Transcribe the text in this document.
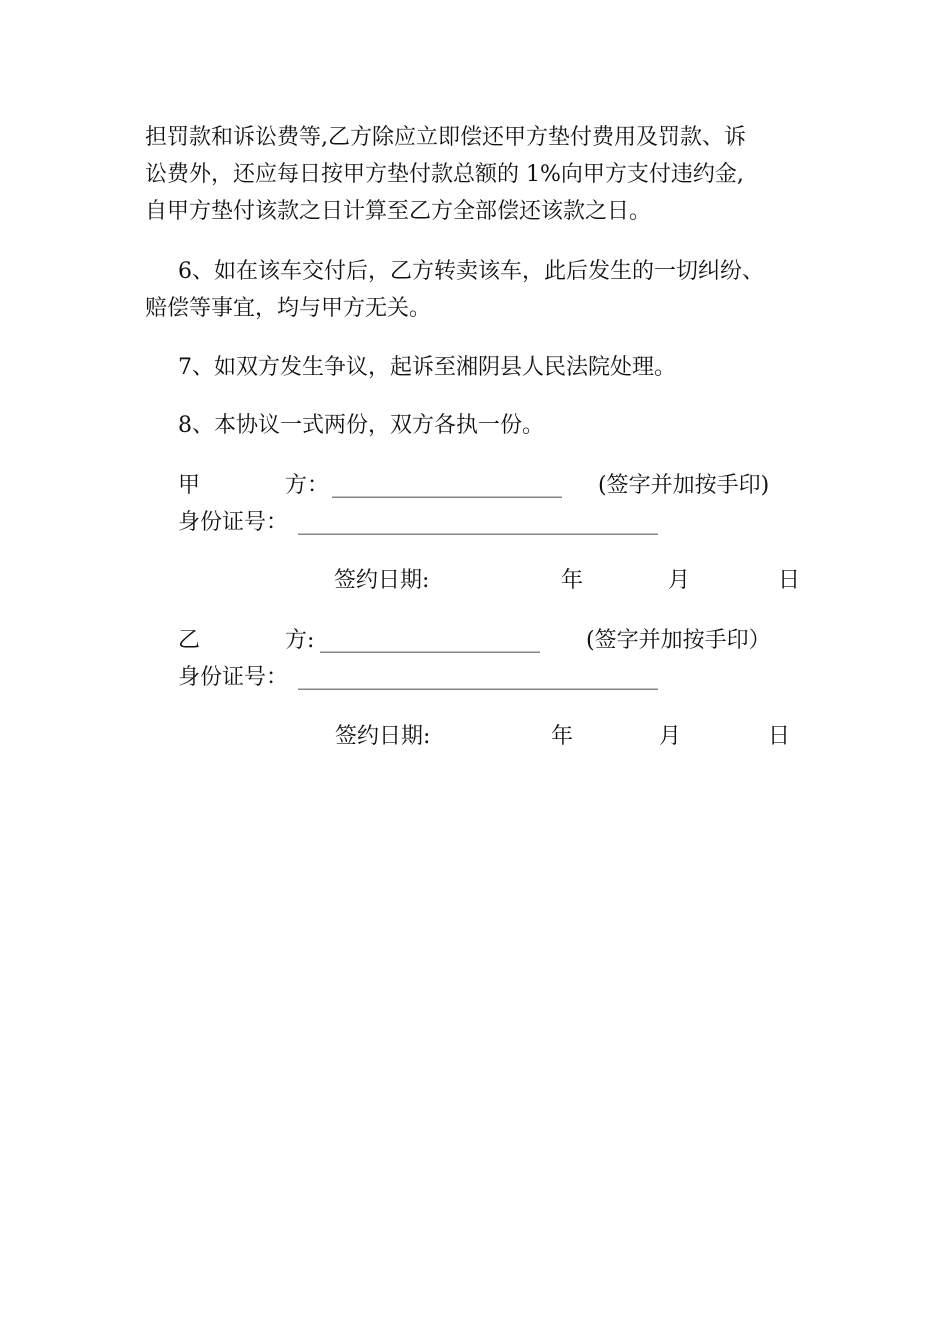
担罚款和诉讼费等,乙方除应立即偿还甲方垫付费用及罚款、诉
讼费外，还应每日按甲方垫付款总额的 1%向甲方支付违约金,
自甲方垫付该款之日计算至乙方全部偿还该款之日。
6、如在该车交付后，乙方转卖该车，此后发生的一切纠纷、
赔偿等事宜，均与甲方无关。
7、如双方发生争议，起诉至湘阴县人民法院处理。
8、本协议一式两份，双方各执一份。
甲	方： _______________________ (签字并加按手印)
身份证号： ____________________________________
签约日期:	年	月	日
乙	方: ______________________ (签字并加按手印）
身份证号： ____________________________________
签约日期:	年	月	日
